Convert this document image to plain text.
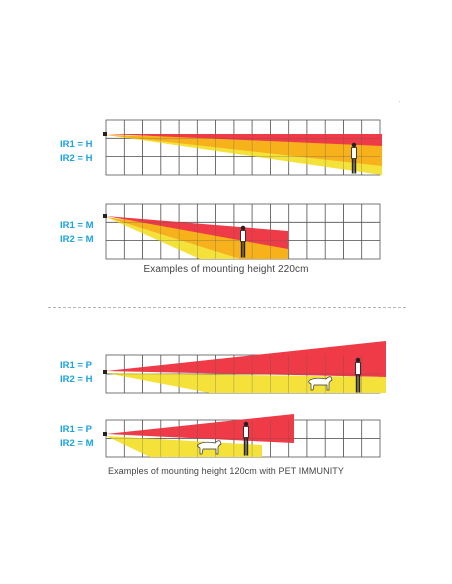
IR1 = H
IR2 = H
IR1 = M
IR2 = M
IR1 = P
IR2 = H
IR1 = P
IR2 = M
Examples of mounting height 220cm
Examples of mounting height 120cm with PET IMMUNITY
